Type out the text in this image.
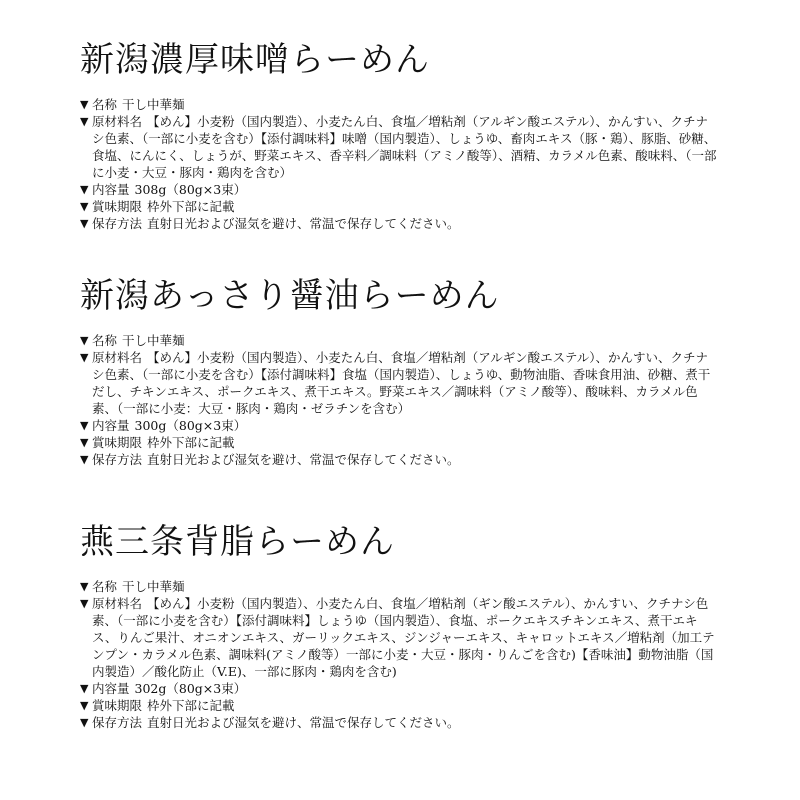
新潟濃厚味噌らーめん
▼ 名称 干し中華麺
▼ 原材料名 【めん】小麦粉（国内製造）、小麦たん白、食塩／増粘剤（アルギン酸エステル）、かんすい、クチナシ色素、（一部に小麦を含む）【添付調味料】味噌（国内製造）、しょうゆ、畜肉エキス（豚・鶏）、豚脂、砂糖、食塩、にんにく、しょうが、野菜エキス、香辛料／調味料（アミノ酸等）、酒精、カラメル色素、酸味料、（一部に小麦・大豆・豚肉・鶏肉を含む）
▼ 内容量 308g（80g×3束）
▼ 賞味期限 枠外下部に記載
▼ 保存方法 直射日光および湿気を避け、常温で保存してください。
新潟あっさり醤油らーめん
▼ 名称 干し中華麺
▼ 原材料名 【めん】小麦粉（国内製造）、小麦たん白、食塩／増粘剤（アルギン酸エステル）、かんすい、クチナシ色素、（一部に小麦を含む）【添付調味料】食塩（国内製造）、しょうゆ、動物油脂、香味食用油、砂糖、煮干だし、チキンエキス、ポークエキス、煮干エキス。野菜エキス／調味料（アミノ酸等）、酸味料、カラメル色素、（一部に小麦：大豆・豚肉・鶏肉・ゼラチンを含む）
▼ 内容量 300g（80g×3束）
▼ 賞味期限 枠外下部に記載
▼ 保存方法 直射日光および湿気を避け、常温で保存してください。
燕三条背脂らーめん
▼ 名称 干し中華麺
▼ 原材料名 【めん】小麦粉（国内製造）、小麦たん白、食塩／増粘剤（ギン酸エステル）、かんすい、クチナシ色素、（一部に小麦を含む）【添付調味料】しょうゆ（国内製造）、食塩、ポークエキスチキンエキス、煮干エキス、りんご果汁、オニオンエキス、ガーリックエキス、ジンジャーエキス、キャロットエキス／増粘剤（加工テンプン・カラメル色素、調味料(アミノ酸等）一部に小麦・大豆・豚肉・りんごを含む)【香味油】動物油脂（国内製造）／酸化防止（V.E)、一部に豚肉・鶏肉を含む)
▼ 内容量 302g（80g×3束）
▼ 賞味期限 枠外下部に記載
▼ 保存方法 直射日光および湿気を避け、常温で保存してください。
